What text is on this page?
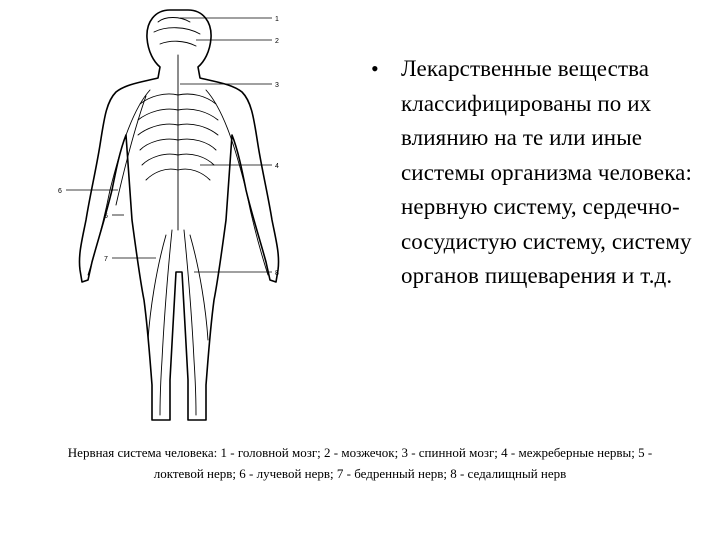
1
2
3
4
5
6
7
8
• Лекарственные вещества классифицированы по их влиянию на те или иные системы организма человека: нервную систему, сердечно-сосудистую систему, систему органов пищеварения и т.д.
Нервная система человека: 1 - головной мозг; 2 - мозжечок; 3 - спинной мозг; 4 - межреберные нервы; 5 - локтевой нерв; 6 - лучевой нерв; 7 - бедренный нерв; 8 - седалищный нерв
